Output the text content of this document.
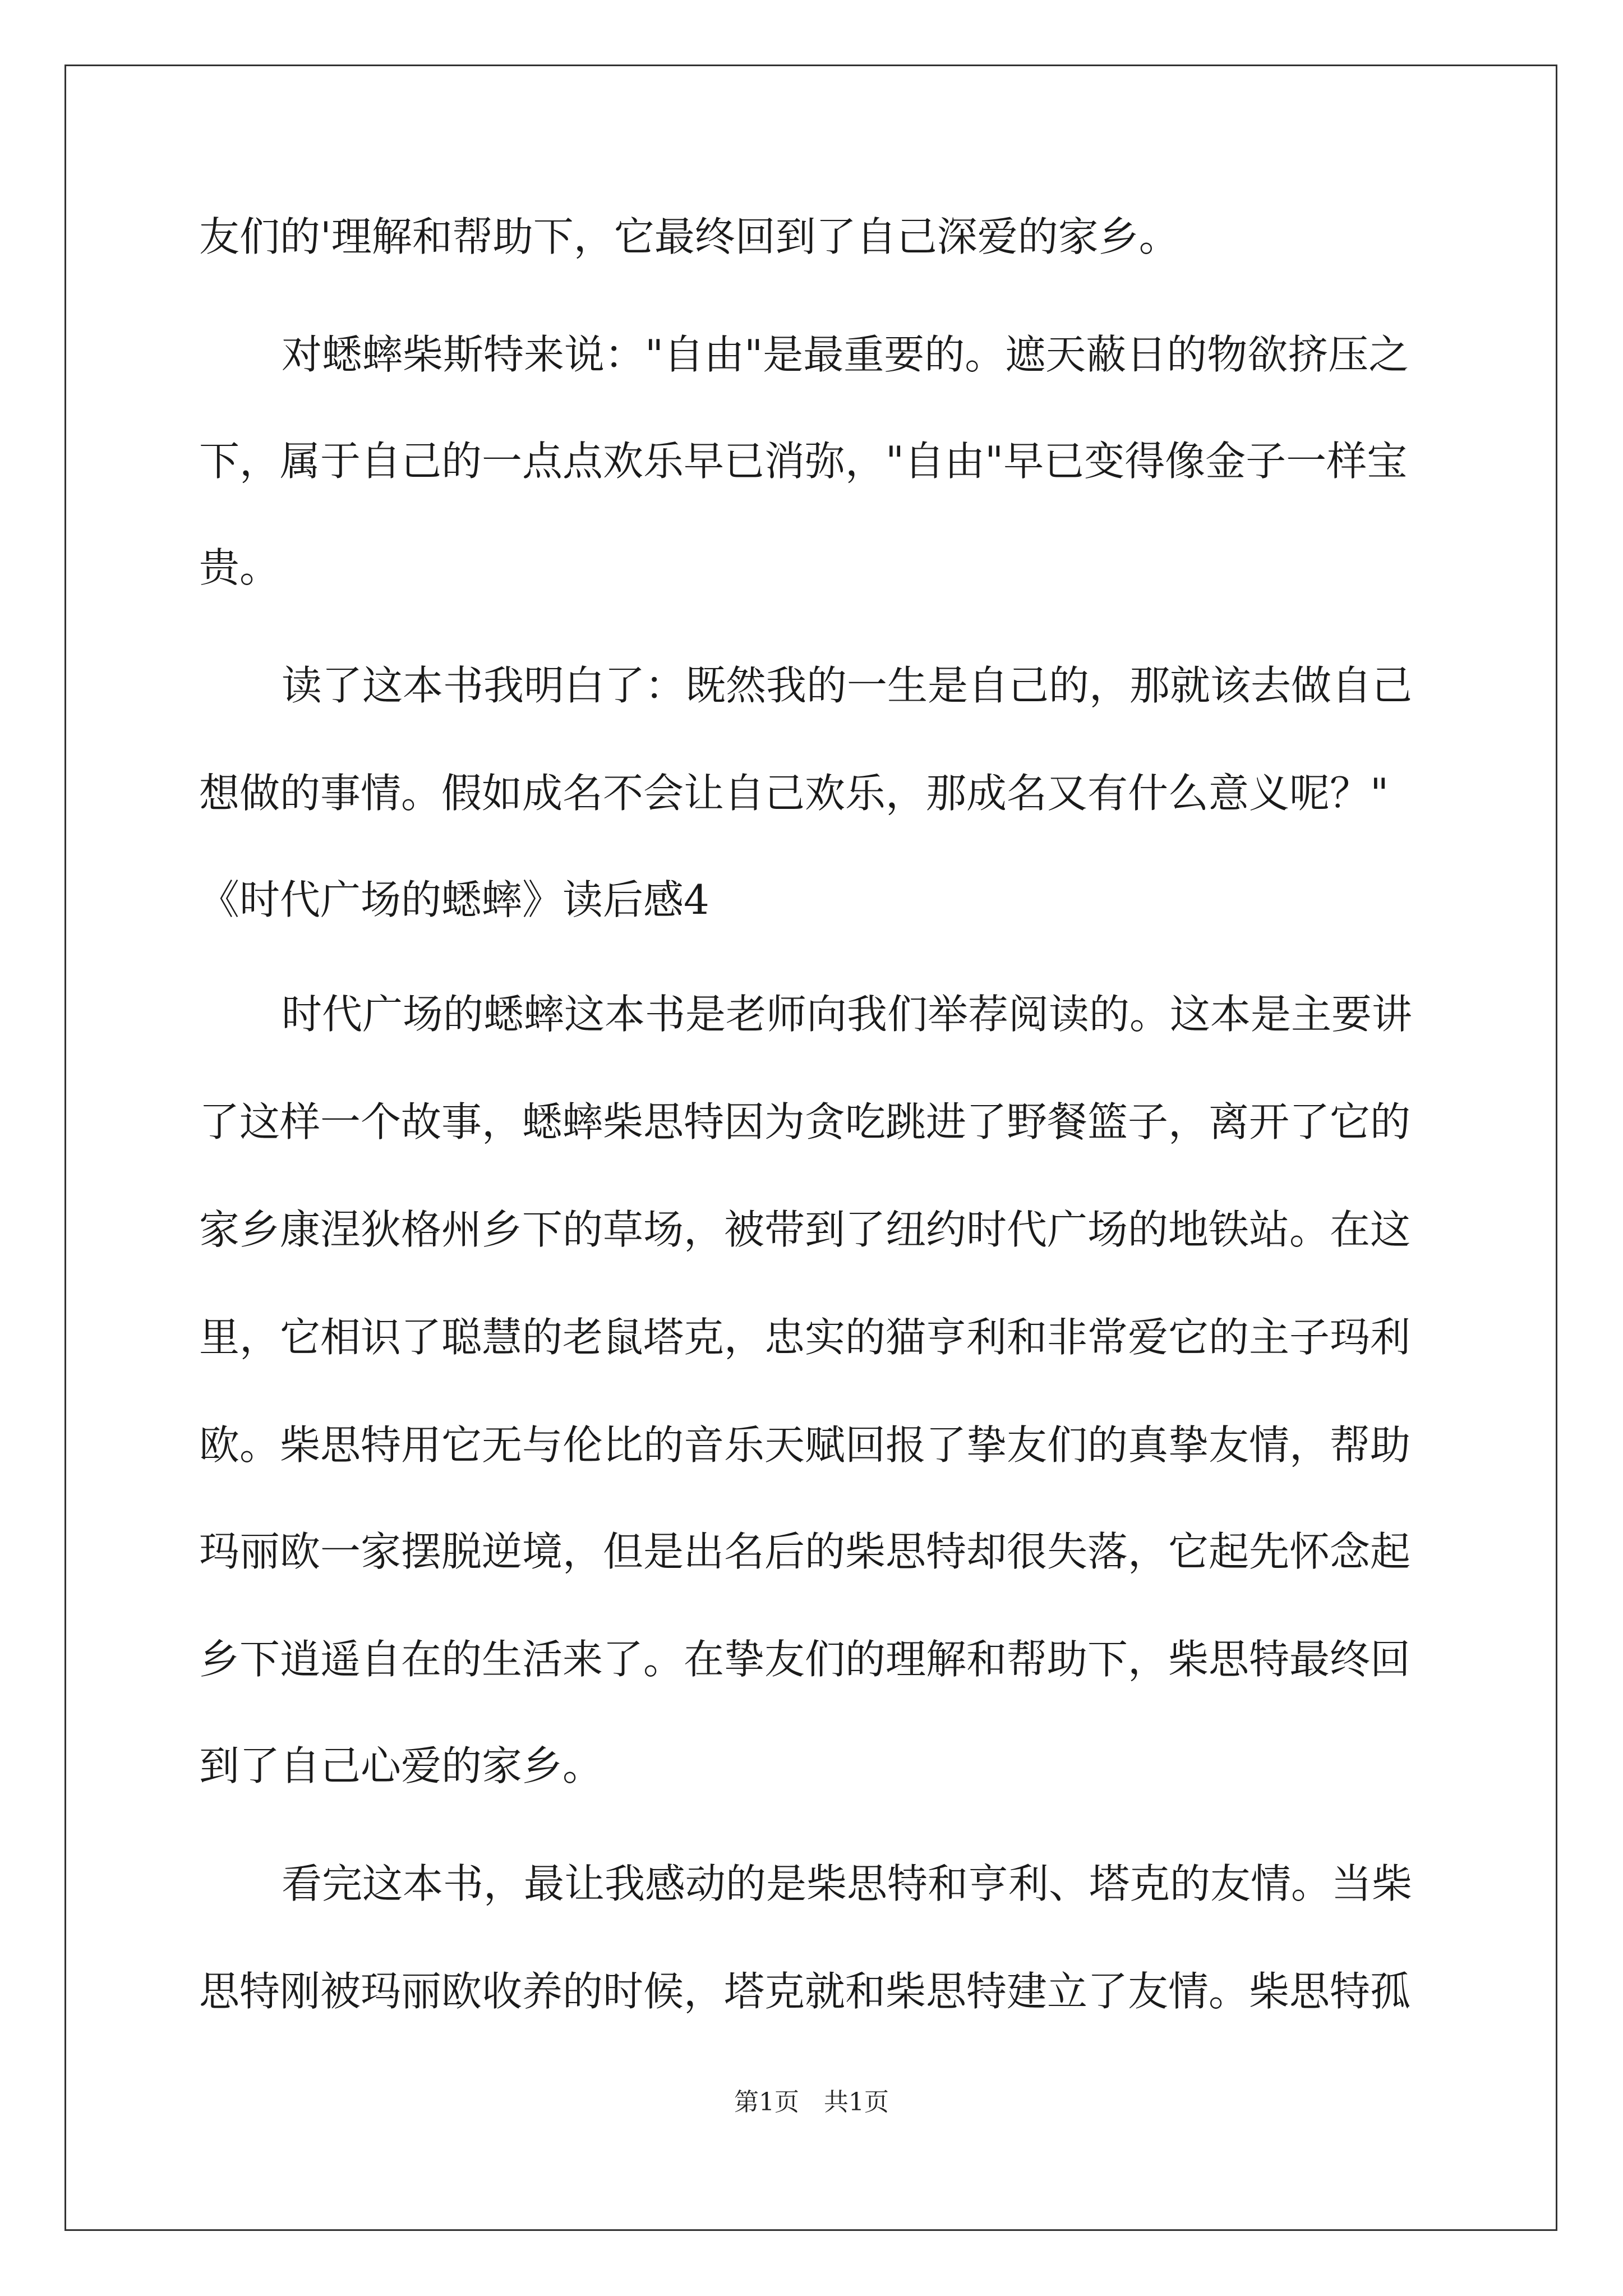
友们的'理解和帮助下，它最终回到了自己深爱的家乡。
对蟋蟀柴斯特来说："自由"是最重要的。遮天蔽日的物欲挤压之
下，属于自己的一点点欢乐早已消弥，"自由"早已变得像金子一样宝
贵。
读了这本书我明白了：既然我的一生是自己的，那就该去做自己
想做的事情。假如成名不会让自己欢乐，那成名又有什么意义呢？"
《时代广场的蟋蟀》读后感4
时代广场的蟋蟀这本书是老师向我们举荐阅读的。这本是主要讲
了这样一个故事，蟋蟀柴思特因为贪吃跳进了野餐篮子，离开了它的
家乡康涅狄格州乡下的草场，被带到了纽约时代广场的地铁站。在这
里，它相识了聪慧的老鼠塔克，忠实的猫亨利和非常爱它的主子玛利
欧。柴思特用它无与伦比的音乐天赋回报了挚友们的真挚友情，帮助
玛丽欧一家摆脱逆境，但是出名后的柴思特却很失落，它起先怀念起
乡下逍遥自在的生活来了。在挚友们的理解和帮助下，柴思特最终回
到了自己心爱的家乡。
看完这本书，最让我感动的是柴思特和亨利、塔克的友情。当柴
思特刚被玛丽欧收养的时候，塔克就和柴思特建立了友情。柴思特孤
第1页　共1页
